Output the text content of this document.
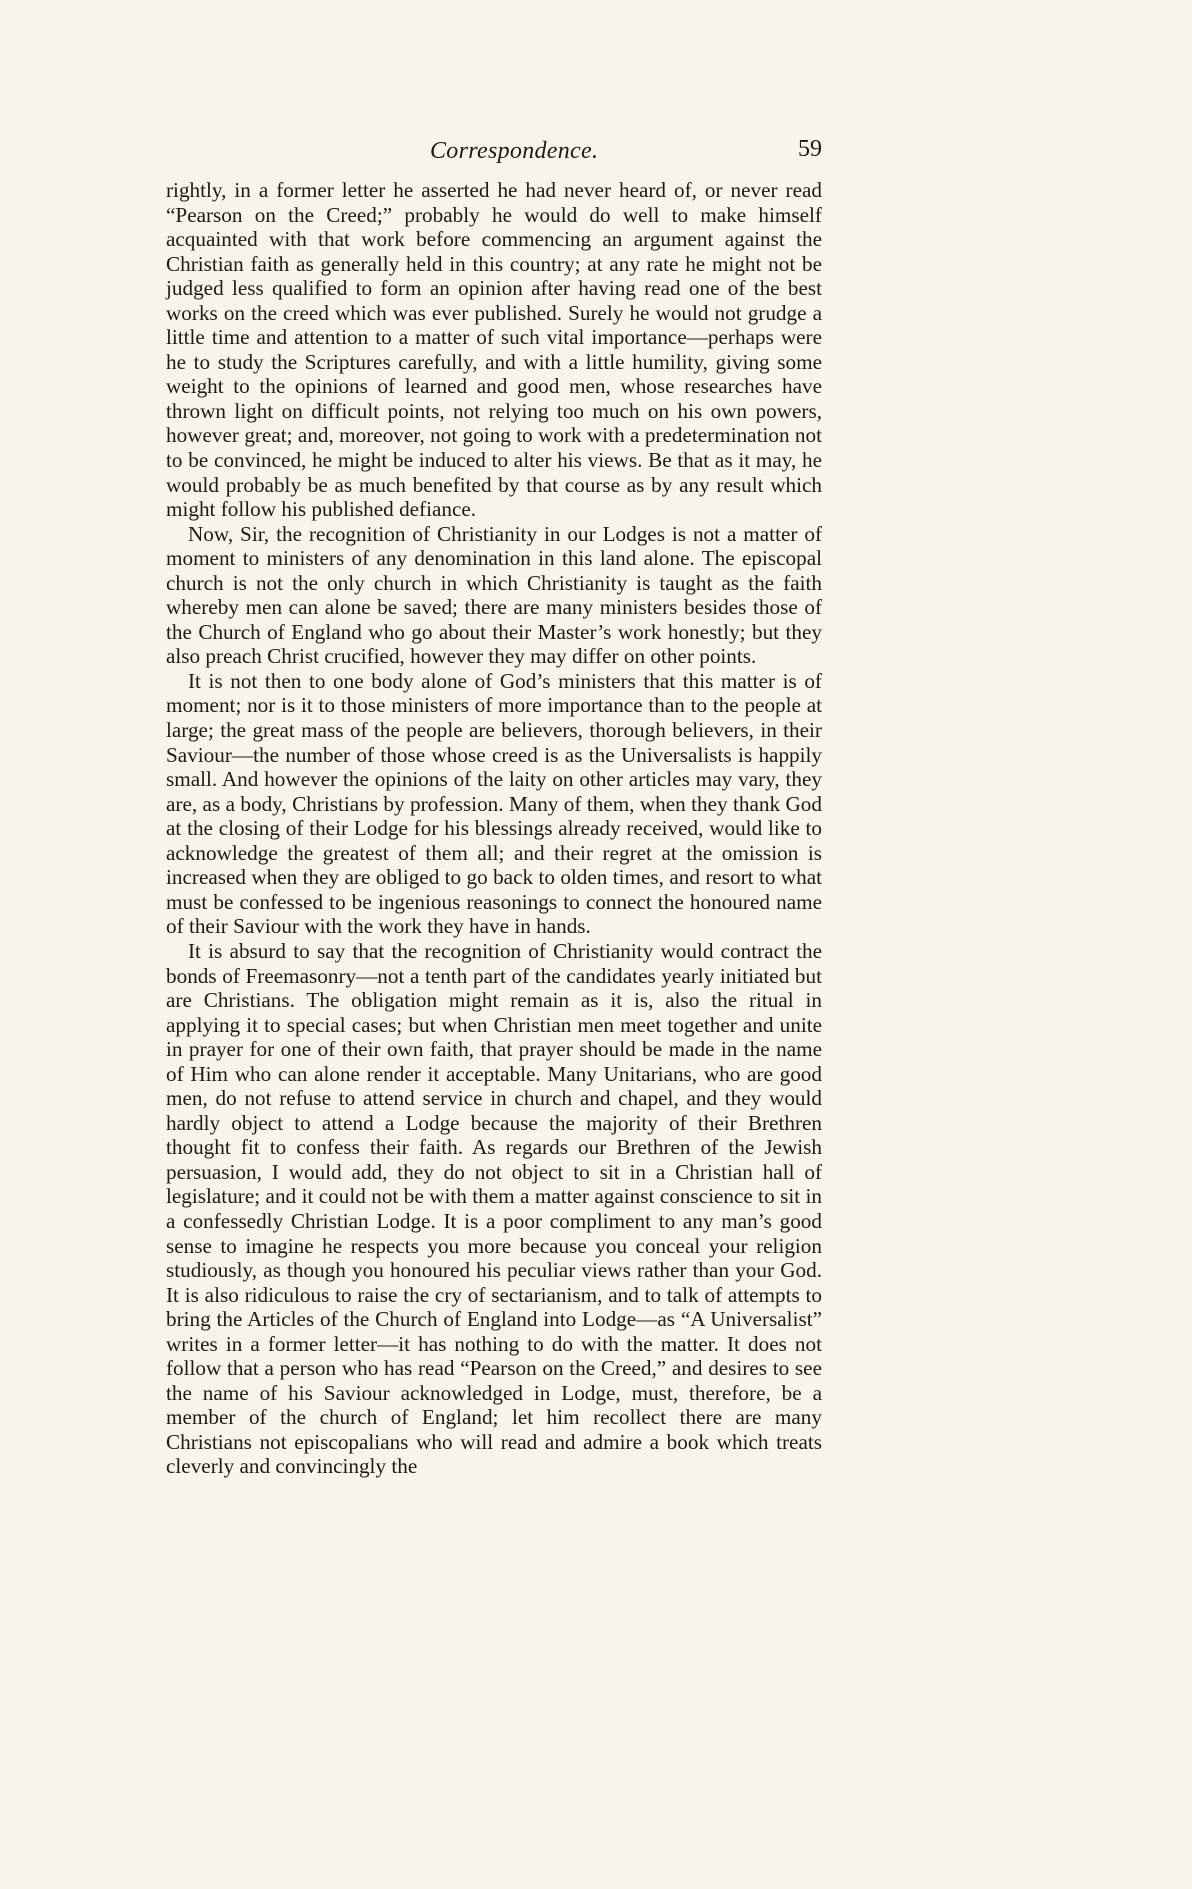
Correspondence.	59

rightly, in a former letter he asserted he had never heard of, or never read “Pearson on the Creed;” probably he would do well to make himself acquainted with that work before commencing an argument against the Christian faith as generally held in this country; at any rate he might not be judged less qualified to form an opinion after having read one of the best works on the creed which was ever published. Surely he would not grudge a little time and attention to a matter of such vital importance—perhaps were he to study the Scriptures carefully, and with a little humility, giving some weight to the opinions of learned and good men, whose researches have thrown light on difficult points, not relying too much on his own powers, however great; and, moreover, not going to work with a predetermination not to be convinced, he might be induced to alter his views. Be that as it may, he would probably be as much benefited by that course as by any result which might follow his published defiance.

Now, Sir, the recognition of Christianity in our Lodges is not a matter of moment to ministers of any denomination in this land alone. The episcopal church is not the only church in which Christianity is taught as the faith whereby men can alone be saved; there are many ministers besides those of the Church of England who go about their Master’s work honestly; but they also preach Christ crucified, however they may differ on other points.

It is not then to one body alone of God’s ministers that this matter is of moment; nor is it to those ministers of more importance than to the people at large; the great mass of the people are believers, thorough believers, in their Saviour—the number of those whose creed is as the Universalists is happily small. And however the opinions of the laity on other articles may vary, they are, as a body, Christians by profession. Many of them, when they thank God at the closing of their Lodge for his blessings already received, would like to acknowledge the greatest of them all; and their regret at the omission is increased when they are obliged to go back to olden times, and resort to what must be confessed to be ingenious reasonings to connect the honoured name of their Saviour with the work they have in hands.

It is absurd to say that the recognition of Christianity would contract the bonds of Freemasonry—not a tenth part of the candidates yearly initiated but are Christians. The obligation might remain as it is, also the ritual in applying it to special cases; but when Christian men meet together and unite in prayer for one of their own faith, that prayer should be made in the name of Him who can alone render it acceptable. Many Unitarians, who are good men, do not refuse to attend service in church and chapel, and they would hardly object to attend a Lodge because the majority of their Brethren thought fit to confess their faith. As regards our Brethren of the Jewish persuasion, I would add, they do not object to sit in a Christian hall of legislature; and it could not be with them a matter against conscience to sit in a confessedly Christian Lodge. It is a poor compliment to any man’s good sense to imagine he respects you more because you conceal your religion studiously, as though you honoured his peculiar views rather than your God. It is also ridiculous to raise the cry of sectarianism, and to talk of attempts to bring the Articles of the Church of England into Lodge—as “A Universalist” writes in a former letter—it has nothing to do with the matter. It does not follow that a person who has read “Pearson on the Creed,” and desires to see the name of his Saviour acknowledged in Lodge, must, therefore, be a member of the church of England; let him recollect there are many Christians not episcopalians who will read and admire a book which treats cleverly and convincingly the
